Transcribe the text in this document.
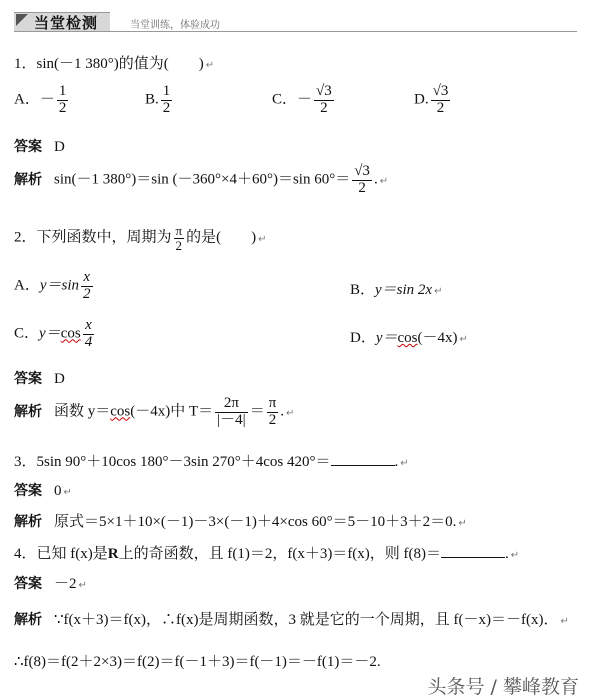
当堂检测	当堂训练，体验成功
1．sin(－1 380°)的值为(　　) ↵
A．－ $\frac{1}{2}$	B. $\frac{1}{2}$	C．－ $\frac{√3}{2}$	D. $\frac{√3}{2}$
答案 D
解析 sin(－1 380°)＝sin (－360°×4＋60°)＝sin $60^\circ= \frac{√3}{2}$ . ↵
2．下列函数中，周期为 $\frac{\pi}{2}$ 的是(　　) ↵
A．$y=\sin \frac{x}{2}$	B．y＝sin 2x ↵
C．$y=\cos \frac{x}{4}$	D．y＝cos(－4x) ↵
答案 D
解析 函数 y＝cos(－4x)中 $T= \frac{2\pi}{|-4|} = \frac{\pi}{2}$ . ↵
3．5sin 90°＋10cos 180°－3sin 270°＋4cos 420°＝	. ↵
答案 0 ↵
解析 原式＝5×1＋10×(－1)－3×(－1)＋4×cos 60°＝5－10＋3＋2＝0. ↵
4．已知 f(x)是R上的奇函数，且 f(1)＝2，f(x＋3)＝f(x)，则 f(8)＝	. ↵
答案 －2 ↵
解析 ∵f(x＋3)＝f(x)，∴f(x)是周期函数，3 就是它的一个周期，且 f(－x)＝－f(x)． ↵
∴f(8)＝f(2＋2×3)＝f(2)＝f(－1＋3)＝f(－1)＝－f(1)＝－2.
头条号 / 攀峰教育
